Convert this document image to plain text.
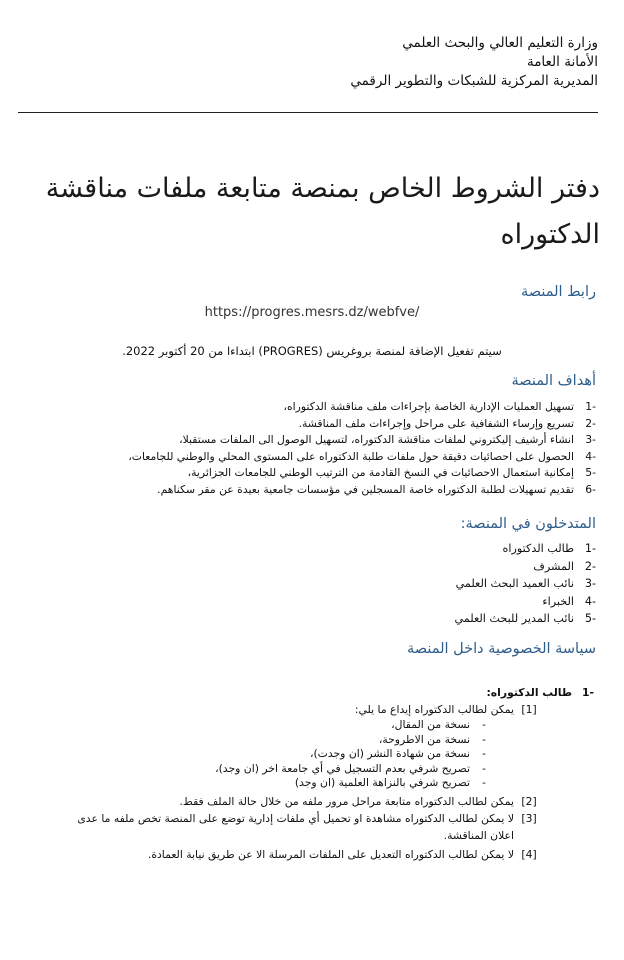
وزارة التعليم العالي والبحث العلمي
الأمانة العامة
المديرية المركزية للشبكات والتطوير الرقمي
دفتر الشروط الخاص بمنصة متابعة ملفات مناقشة
الدكتوراه
رابط المنصة
https://progres.mesrs.dz/webfve/
سيتم تفعيل الإضافة لمنصة بروغريس (PROGRES) ابتداءا من 20 أكتوبر 2022.
أهداف المنصة
-1
تسهيل العمليات الإدارية الخاصة بإجراءات ملف مناقشة الدكتوراه،
-2
تسريع وإرساء الشفافية على مراحل وإجراءات ملف المناقشة.
-3
انشاء أرشيف إليكتروني لملفات مناقشة الدكتوراه، لتسهيل الوصول الى الملفات مستقبلا،
-4
الحصول على احصائيات دقيقة حول ملفات طلبة الدكتوراه على المستوى المحلي والوطني للجامعات،
-5
إمكانية استعمال الاحصائيات في النسخ القادمة من الترتيب الوطني للجامعات الجزائرية،
-6
تقديم تسهيلات لطلبة الدكتوراه خاصة المسجلين في مؤسسات جامعية بعيدة عن مقر سكناهم.
المتدخلون في المنصة:
-1
طالب الدكتوراه
-2
المشرف
-3
نائب العميد البحث العلمي
-4
الخبراء
-5
نائب المدير للبحث العلمي
سياسة الخصوصية داخل المنصة
-1
طالب الدكتوراه:
[1]
يمكن لطالب الدكتوراه إيداع ما يلي:
-
نسخة من المقال،
-
نسخة من الاطروحة،
-
نسخة من شهادة النشر (ان وجدت)،
-
تصريح شرفي بعدم التسجيل في أي جامعة اخر (ان وجد)،
-
تصريح شرفي بالنزاهة العلمية (ان وجد)
[2]
يمكن لطالب الدكتوراه متابعة مراحل مرور ملفه من خلال حالة الملف فقط.
[3]
لا يمكن لطالب الدكتوراه مشاهدة او تحميل أي ملفات إدارية توضع على المنصة تخص ملفه ما عدى اعلان المناقشة.
[4]
لا يمكن لطالب الدكتوراه التعديل على الملفات المرسلة الا عن طريق نيابة العمادة.
